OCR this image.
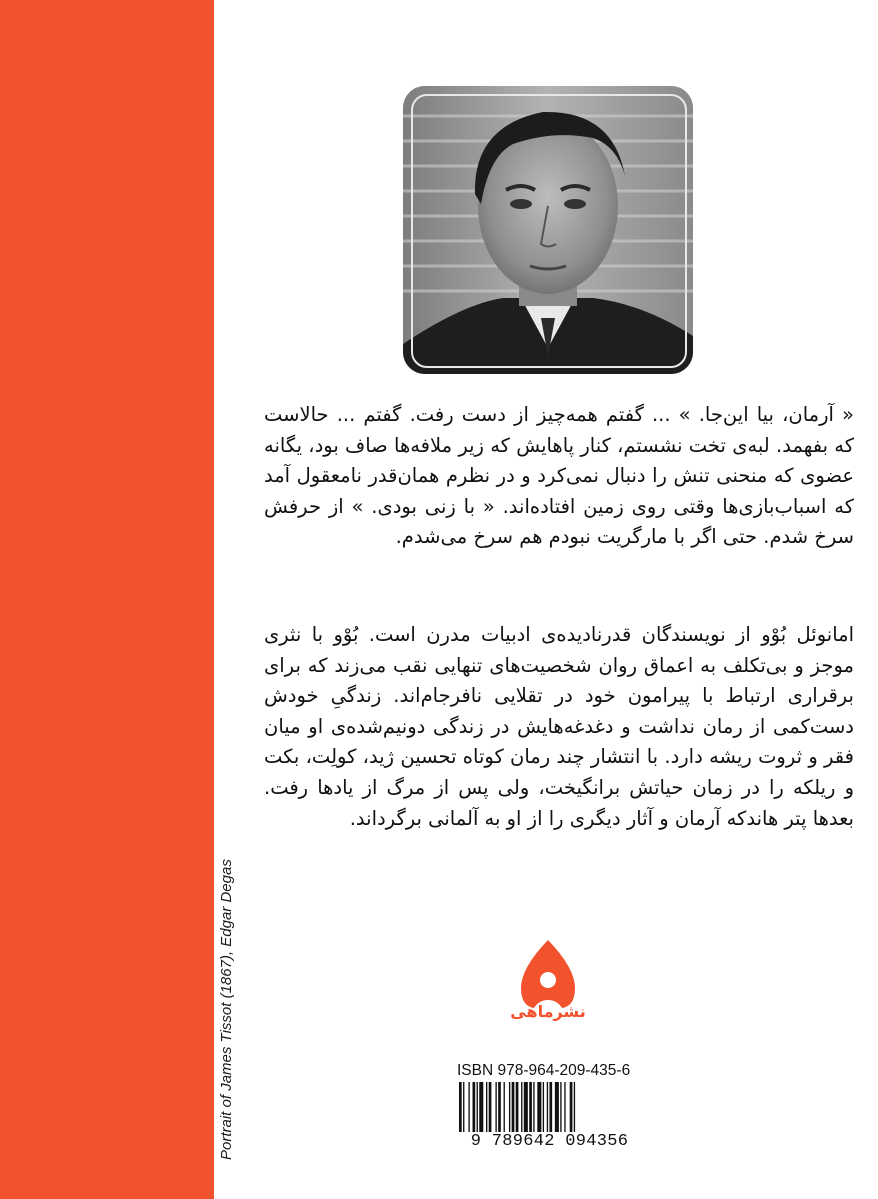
Portrait of James Tissot (1867), Edgar Degas
« آرمان، بیا این‌جا. » ... گفتم همه‌چیز از دست رفت. گفتم ... حالاست که بفهمد. لبه‌ی تخت نشستم، کنار پاهایش که زیر ملافه‌ها صاف بود، یگانه عضوی که منحنی تنش را دنبال نمی‌کرد و در نظرم همان‌قدر نامعقول آمد که اسباب‌بازی‌ها وقتی روی زمین افتاده‌اند. « با زنی بودی. » از حرفش سرخ شدم. حتی اگر با مارگریت نبودم هم سرخ می‌شدم.
امانوئل بُوْو از نویسندگان قدرنادیده‌ی ادبیات مدرن است. بُوْو با نثری موجز و بی‌تکلف به اعماق روان شخصیت‌های تنهایی نقب می‌زند که برای برقراری ارتباط با پیرامون خود در تقلایی نافرجام‌اند. زندگیِ خودش دست‌کمی از رمان نداشت و دغدغه‌هایش در زندگی دونیم‌شده‌ی او میان فقر و ثروت ریشه دارد. با انتشار چند رمان کوتاه تحسین ژید، کولِت، بکت و ریلکه را در زمان حیاتش برانگیخت، ولی پس از مرگ از یادها رفت. بعدها پتر هاندکه آرمان و آثار دیگری را از او به آلمانی برگرداند.
نشرماهی
ISBN 978-964-209-435-6
9 789642 094356
